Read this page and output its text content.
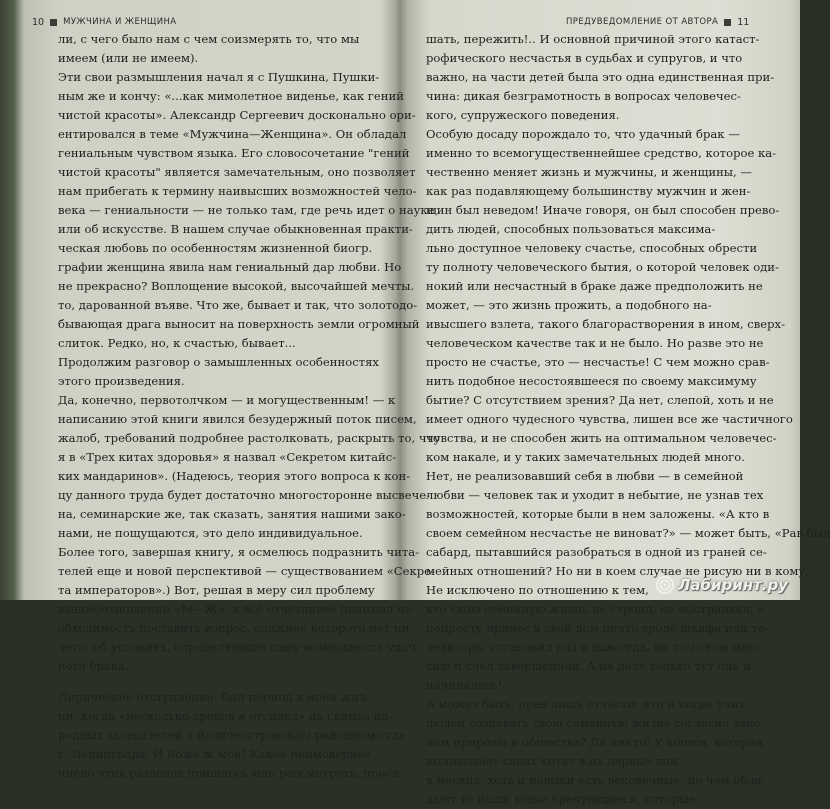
10 МУЖЧИНА И ЖЕНЩИНА
ли, с чего было нам с чем соизмерять то, что мы
имеем (или не имеем).
Эти свои размышления начал я с Пушкина, Пушки-
ным же и кончу: «...как мимолетное виденье, как гений
чистой красоты». Александр Сергеевич досконально ори-
ентировался в теме «Мужчина—Женщина». Он обладал
гениальным чувством языка. Его словосочетание "гений
чистой красоты" является замечательным, оно позволяет
нам прибегать к термину наивысших возможностей чело-
века — гениальности — не только там, где речь идет о науке
или об искусстве. В нашем случае обыкновенная практи-
ческая любовь по особенностям жизненной биогр.
графии женщина явила нам гениальный дар любви. Но
не прекрасно? Воплощение высокой, высочайшей мечты.
то, дарованной въяве. Что же, бывает и так, что золотодо-
бывающая драга выносит на поверхность земли огромный
слиток. Редко, но, к счастью, бывает...
Продолжим разговор о замышленных особенностях
этого произведения.
Да, конечно, первотолчком — и могущественным! — к
написанию этой книги явился безудержный поток писем,
жалоб, требований подробнее растолковать, раскрыть то, что
я в «Трех китах здоровья» я назвал «Секретом китайс-
ких мандаринов». (Надеюсь, теория этого вопроса к кон-
цу данного труда будет достаточно многосторонне высвече-
на, семинарские же, так сказать, занятия нашими зако-
нами, не пощущаются, это дело индивидуальное.
Более того, завершая книгу, я осмелюсь подразнить чита-
телей еще и новой перспективой — существованием «Секре-
та императоров».) Вот, решая в меру сил проблему
взаимоотношений «М—Ж», я всё отчетливее понимал не-
обходимость поставить вопрос, сложнее которого нет ни-
чего: об условиях, определяющих саму возможность удач-
ного брака.
Лирическое отступление: был период в моей жиз-
ни, когда «несколько сроков я отсидел» на скамье на-
родных заседателей в Василеостровском районном суде
г. Ленинграда. И Боже ж мой! Какое неимоверное
число этих разводов пришлось мне рассмотреть, просл-
ПРЕДУВЕДОМЛЕНИЕ ОТ АВТОРА 11
шать, пережить!.. И основной причиной этого катаст-
рофического несчастья в судьбах и супругов, и что
важно, на части детей была это одна единственная при-
чина: дикая безграмотность в вопросах человечес-
кого, супружеского поведения.
Особую досаду порождало то, что удачный брак —
именно то всемогущественнейшее средство, которое ка-
чественно меняет жизнь и мужчины, и женщины, —
как раз подавляющему большинству мужчин и жен-
щин был неведом! Иначе говоря, он был способен прево-
дить людей, способных пользоваться максима-
льно доступное человеку счастье, способных обрести
ту полноту человеческого бытия, о которой человек оди-
нокий или несчастный в браке даже предположить не
может, — это жизнь прожить, а подобного на-
ивысшего взлета, такого благорастворения в ином, сверх-
человеческом качестве так и не было. Но разве это не
просто не счастье, это — несчастье! С чем можно срав-
нить подобное несостоявшееся по своему максимуму
бытие? С отсутствием зрения? Да нет, слепой, хоть и не
имеет одного чудесного чувства, лишен все же частичного
чувства, и не способен жить на оптимальном человечес-
ком накале, и у таких замечательных людей много.
Нет, не реализовавший себя в любви — в семейной
любви — человек так и уходит в небытие, не узнав тех
возможностей, которые были в нем заложены. «А кто в
своем семейном несчастье не виноват?» — может быть, «Рав был
сабард, пытавшийся разобраться в одной из граней се-
мейных отношений? Но ни в коем случае не рисую ни в кому,
Не исключено по отношению к тем,
кто свою семейную жизнь не строил, не выстраивал, а
попросту принес в свой дом нечто вроде шкафа или те-
левизора, установил раз и навсегда, на том свою мис-
сию и счел завершенной. А на деле только тут она и
начиналась!..
А может быть, прав лишь отчасти: кто и когда учит
людей создавать свою семейную жизнь согласно зако-
нам природы и общества? Да никто! У кошки, которая
вылизывает своих котят в их первые дни
в месяца, хоть и навыки есть вековечные, но чем обла-
дают те наши юные брачующиеся, которые...
Лабиринт.ру
